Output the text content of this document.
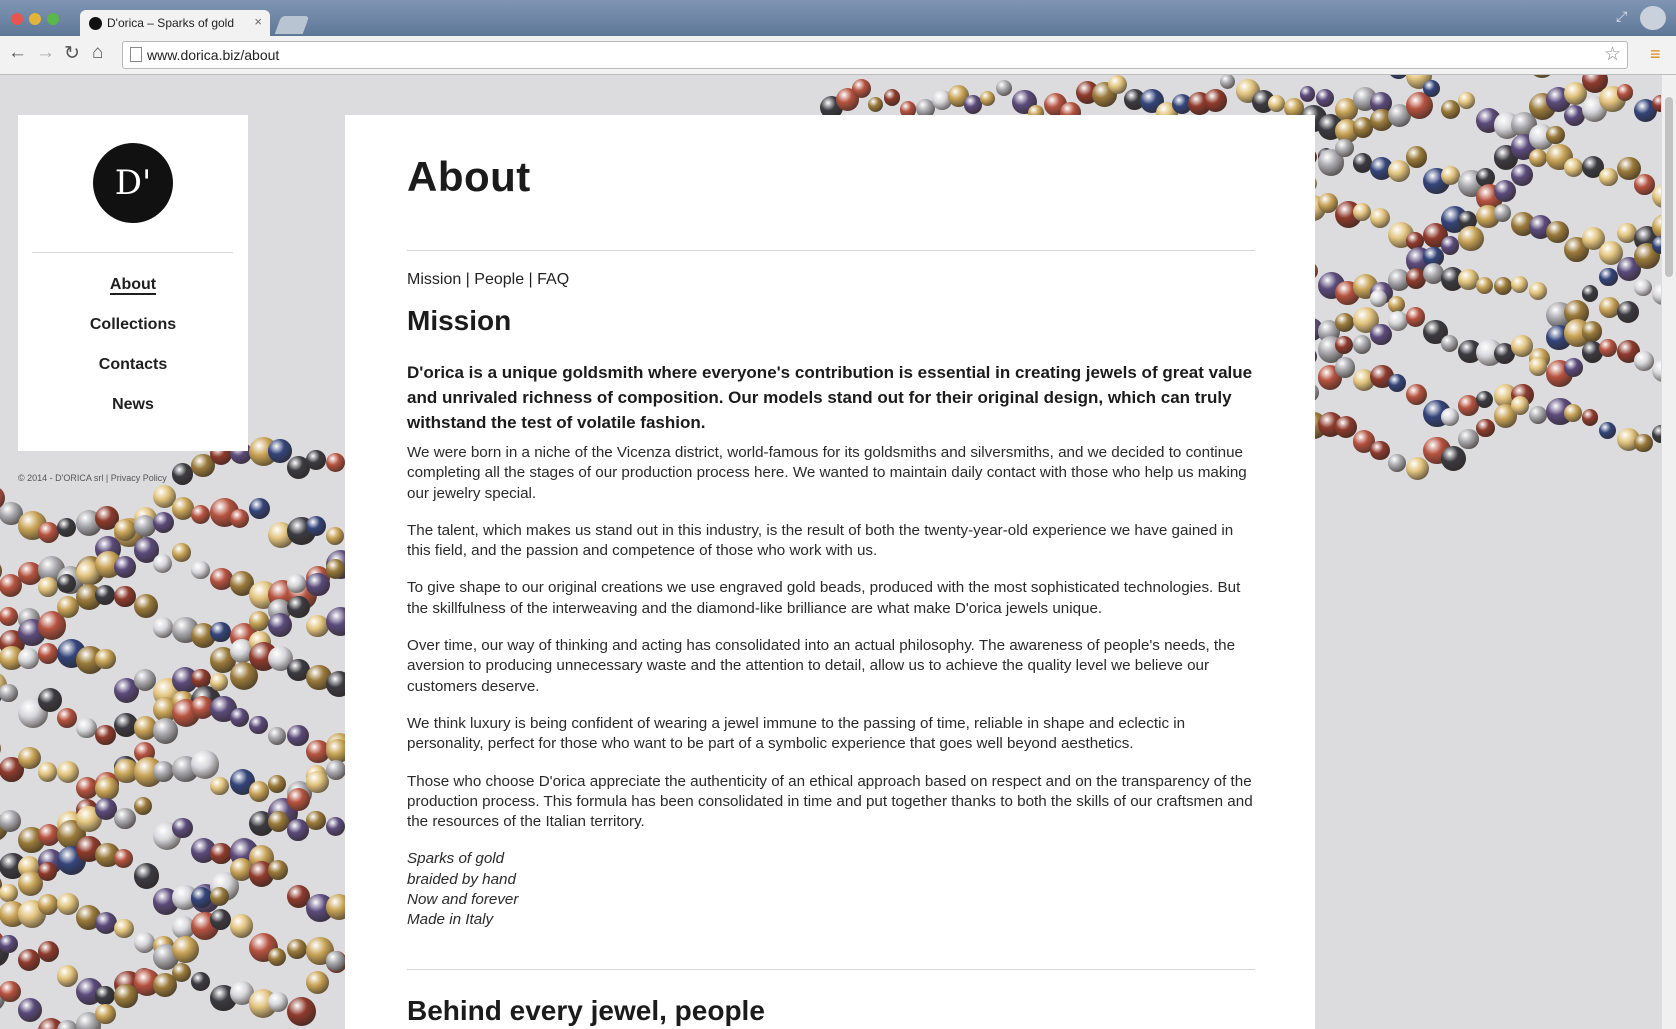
D'orica – Sparks of gold ×	⤢
← → ↻ ⌂	www.dorica.biz/about	☆ ≡
D'
About
Collections
Contacts
News
© 2014 - D'ORICA srl | Privacy Policy
About
Mission | People | FAQ
Mission

D'orica is a unique goldsmith where everyone's contribution is essential in creating jewels of great value and unrivaled richness of composition. Our models stand out for their original design, which can truly withstand the test of volatile fashion.

We were born in a niche of the Vicenza district, world-famous for its goldsmiths and silversmiths, and we decided to continue completing all the stages of our production process here. We wanted to maintain daily contact with those who help us making our jewelry special.

The talent, which makes us stand out in this industry, is the result of both the twenty-year-old experience we have gained in this field, and the passion and competence of those who work with us.

To give shape to our original creations we use engraved gold beads, produced with the most sophisticated technologies. But the skillfulness of the interweaving and the diamond-like brilliance are what make D'orica jewels unique.

Over time, our way of thinking and acting has consolidated into an actual philosophy. The awareness of people's needs, the aversion to producing unnecessary waste and the attention to detail, allow us to achieve the quality level we believe our customers deserve.

We think luxury is being confident of wearing a jewel immune to the passing of time, reliable in shape and eclectic in personality, perfect for those who want to be part of a symbolic experience that goes well beyond aesthetics.

Those who choose D'orica appreciate the authenticity of an ethical approach based on respect and on the transparency of the production process. This formula has been consolidated in time and put together thanks to both the skills of our craftsmen and the resources of the Italian territory.

Sparks of gold
braided by hand
Now and forever
Made in Italy

Behind every jewel, people
